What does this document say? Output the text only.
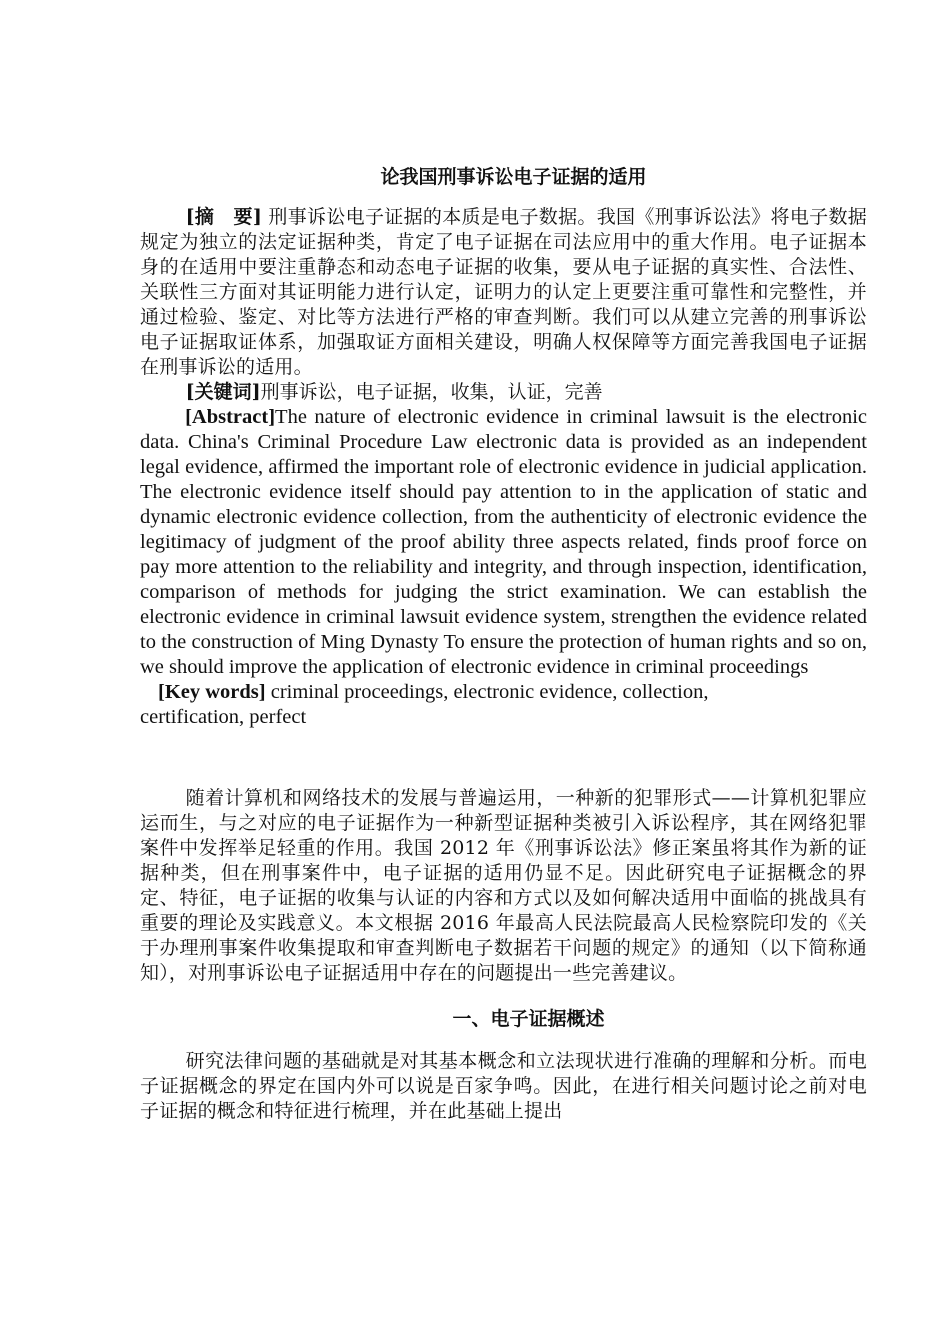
论我国刑事诉讼电子证据的适用

[摘　要] 刑事诉讼电子证据的本质是电子数据。我国《刑事诉讼法》将电子数据规定为独立的法定证据种类，肯定了电子证据在司法应用中的重大作用。电子证据本身的在适用中要注重静态和动态电子证据的收集，要从电子证据的真实性、合法性、关联性三方面对其证明能力进行认定，证明力的认定上更要注重可靠性和完整性，并通过检验、鉴定、对比等方法进行严格的审查判断。我们可以从建立完善的刑事诉讼电子证据取证体系，加强取证方面相关建设，明确人权保障等方面完善我国电子证据在刑事诉讼的适用。

[关键词]刑事诉讼，电子证据，收集，认证，完善

[Abstract]The nature of electronic evidence in criminal lawsuit is the electronic data. China's Criminal Procedure Law electronic data is provided as an independent legal evidence, affirmed the important role of electronic evidence in judicial application. The electronic evidence itself should pay attention to in the application of static and dynamic electronic evidence collection, from the authenticity of electronic evidence the legitimacy of judgment of the proof ability three aspects related, finds proof force on pay more attention to the reliability and integrity, and through inspection, identification, comparison of methods for judging the strict examination. We can establish the electronic evidence in criminal lawsuit evidence system, strengthen the evidence related to the construction of Ming Dynasty To ensure the protection of human rights and so on, we should improve the application of electronic evidence in criminal proceedings

[Key words] criminal proceedings, electronic evidence, collection,

certification, perfect

随着计算机和网络技术的发展与普遍运用，一种新的犯罪形式——计算机犯罪应运而生，与之对应的电子证据作为一种新型证据种类被引入诉讼程序，其在网络犯罪案件中发挥举足轻重的作用。我国 2012 年《刑事诉讼法》修正案虽将其作为新的证据种类，但在刑事案件中，电子证据的适用仍显不足。因此研究电子证据概念的界定、特征，电子证据的收集与认证的内容和方式以及如何解决适用中面临的挑战具有重要的理论及实践意义。本文根据 2016 年最高人民法院最高人民检察院印发的《关于办理刑事案件收集提取和审查判断电子数据若干问题的规定》的通知（以下简称通知），对刑事诉讼电子证据适用中存在的问题提出一些完善建议。

一、电子证据概述

研究法律问题的基础就是对其基本概念和立法现状进行准确的理解和分析。而电子证据概念的界定在国内外可以说是百家争鸣。因此，在进行相关问题讨论之前对电子证据的概念和特征进行梳理，并在此基础上提出
